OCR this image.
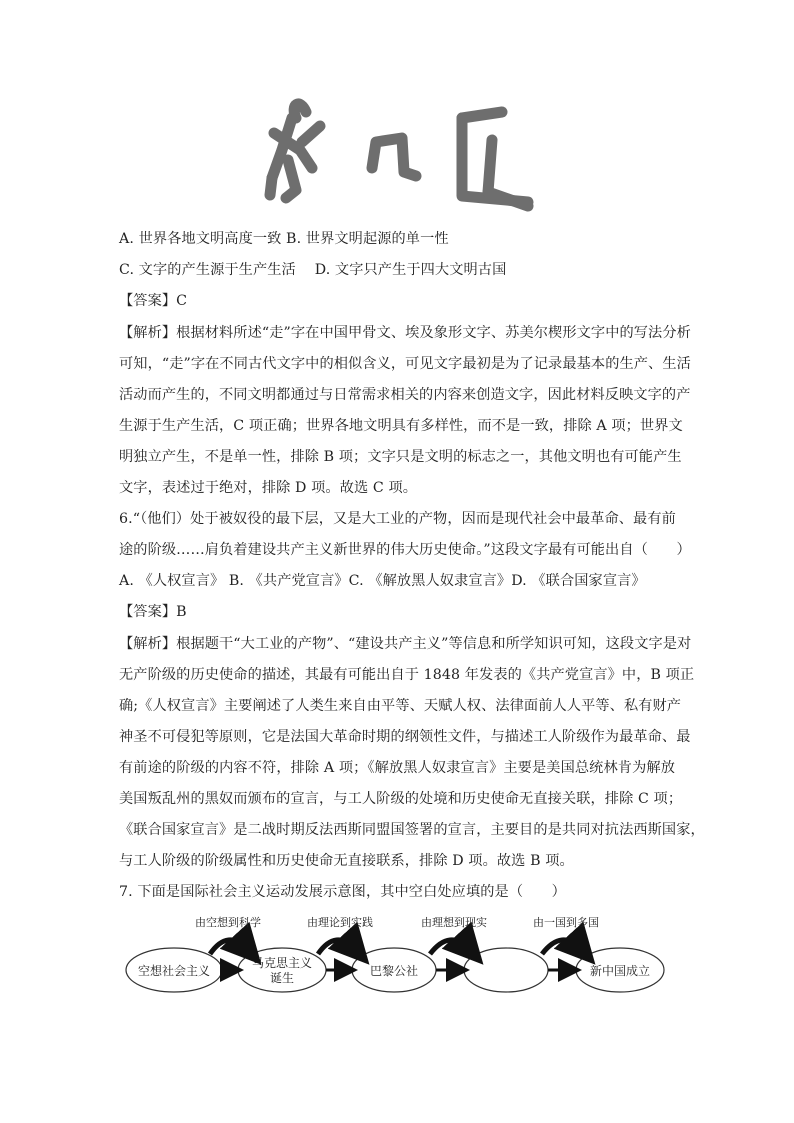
A. 世界各地文明高度一致 B. 世界文明起源的单一性
C. 文字的产生源于生产生活　 D. 文字只产生于四大文明古国
【答案】C
【解析】根据材料所述“走”字在中国甲骨文、埃及象形文字、苏美尔楔形文字中的写法分析
可知，“走”字在不同古代文字中的相似含义，可见文字最初是为了记录最基本的生产、生活
活动而产生的，不同文明都通过与日常需求相关的内容来创造文字，因此材料反映文字的产
生源于生产生活，C 项正确；世界各地文明具有多样性，而不是一致，排除 A 项；世界文
明独立产生，不是单一性，排除 B 项；文字只是文明的标志之一，其他文明也有可能产生
文字，表述过于绝对，排除 D 项。故选 C 项。
6.“（他们）处于被奴役的最下层，又是大工业的产物，因而是现代社会中最革命、最有前
途的阶级……肩负着建设共产主义新世界的伟大历史使命。”这段文字最有可能出自（　　）
A. 《人权宣言》 B. 《共产党宣言》C. 《解放黑人奴隶宣言》D. 《联合国家宣言》
【答案】B
【解析】根据题干“大工业的产物”、“建设共产主义”等信息和所学知识可知，这段文字是对
无产阶级的历史使命的描述，其最有可能出自于 1848 年发表的《共产党宣言》中，B 项正
确;《人权宣言》主要阐述了人类生来自由平等、天赋人权、法律面前人人平等、私有财产
神圣不可侵犯等原则，它是法国大革命时期的纲领性文件，与描述工人阶级作为最革命、最
有前途的阶级的内容不符，排除 A 项；《解放黑人奴隶宣言》主要是美国总统林肯为解放
美国叛乱州的黑奴而颁布的宣言，与工人阶级的处境和历史使命无直接关联，排除 C 项；
《联合国家宣言》是二战时期反法西斯同盟国签署的宣言，主要目的是共同对抗法西斯国家，
与工人阶级的阶级属性和历史使命无直接联系，排除 D 项。故选 B 项。
7. 下面是国际社会主义运动发展示意图，其中空白处应填的是（　　）
空想社会主义
马克思主义
诞生	巴黎公社	新中国成立
由空想到科学	由理论到实践	由理想到现实	由一国到多国
